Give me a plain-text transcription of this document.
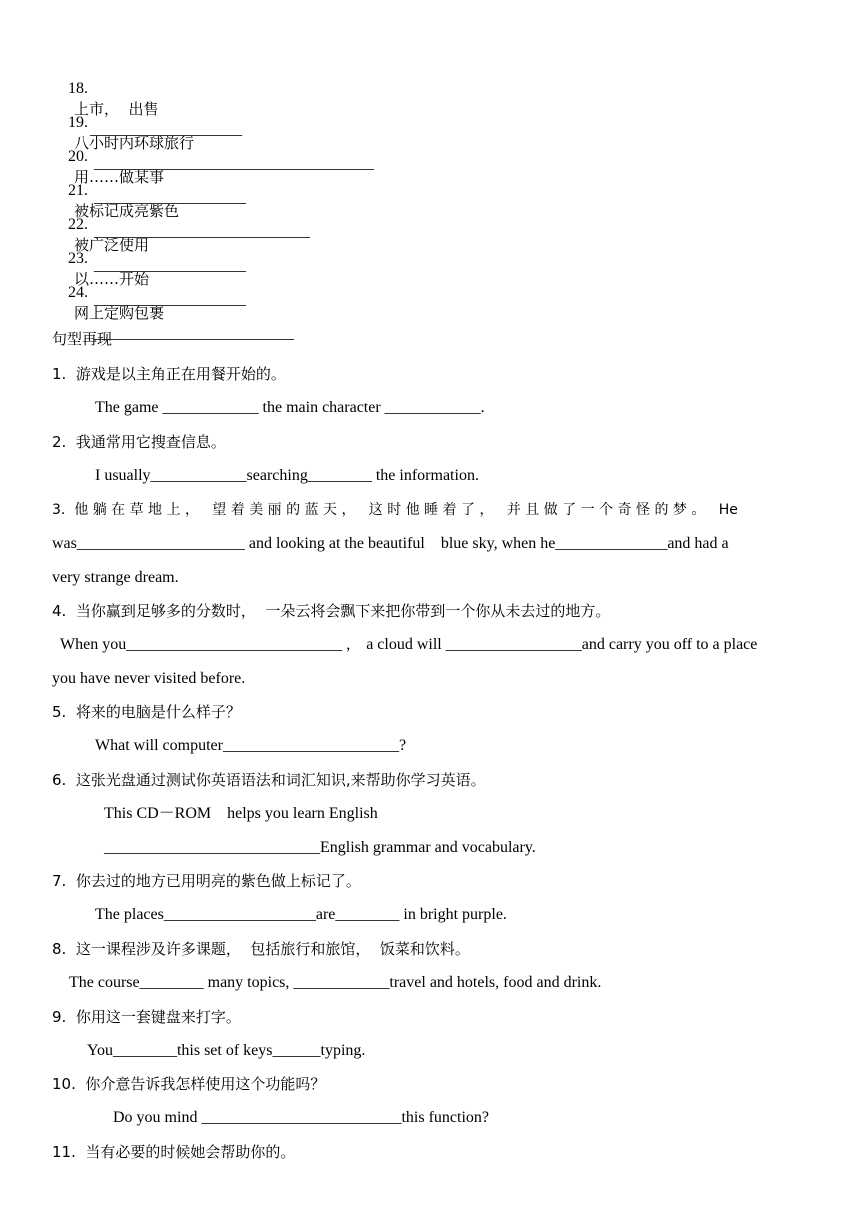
18.
上市，  出售
___________________

19.
八小时内环球旅行
___________________________________

20.
用……做某事
___________________

21.
被标记成亮紫色
___________________________

22.
被广泛使用
___________________

23.
以……开始
___________________

24.
网上定购包裹
_________________________

句型再现
1.  游戏是以主角正在用餐开始的。
The game ____________ the main character ____________.
2.  我通常用它搜查信息。
I usually____________searching________ the information.
3.  他 躺 在 草 地 上 ，   望 着 美 丽 的 蓝 天 ，   这 时 他 睡 着 了 ，   并 且 做 了 一 个 奇 怪 的 梦 。   He
was_____________________ and looking at the beautiful    blue sky, when he______________and had a
very strange dream.
4.  当你赢到足够多的分数时，  一朵云将会飘下来把你带到一个你从未去过的地方。
When you___________________________ ,    a cloud will _________________and carry you off to a place
you have never visited before.
5.  将来的电脑是什么样子？
What will computer______________________?
6.  这张光盘通过测试你英语语法和词汇知识,来帮助你学习英语。
This CD－ROM    helps you learn English
___________________________English grammar and vocabulary.
7.  你去过的地方已用明亮的紫色做上标记了。
The places___________________are________ in bright purple.
8.  这一课程涉及许多课题，  包括旅行和旅馆，  饭菜和饮料。
The course________ many topics, ____________travel and hotels, food and drink.
9.  你用这一套键盘来打字。
You________this set of keys______typing.
10.  你介意告诉我怎样使用这个功能吗？
Do you mind _________________________this function?
11.  当有必要的时候她会帮助你的。
